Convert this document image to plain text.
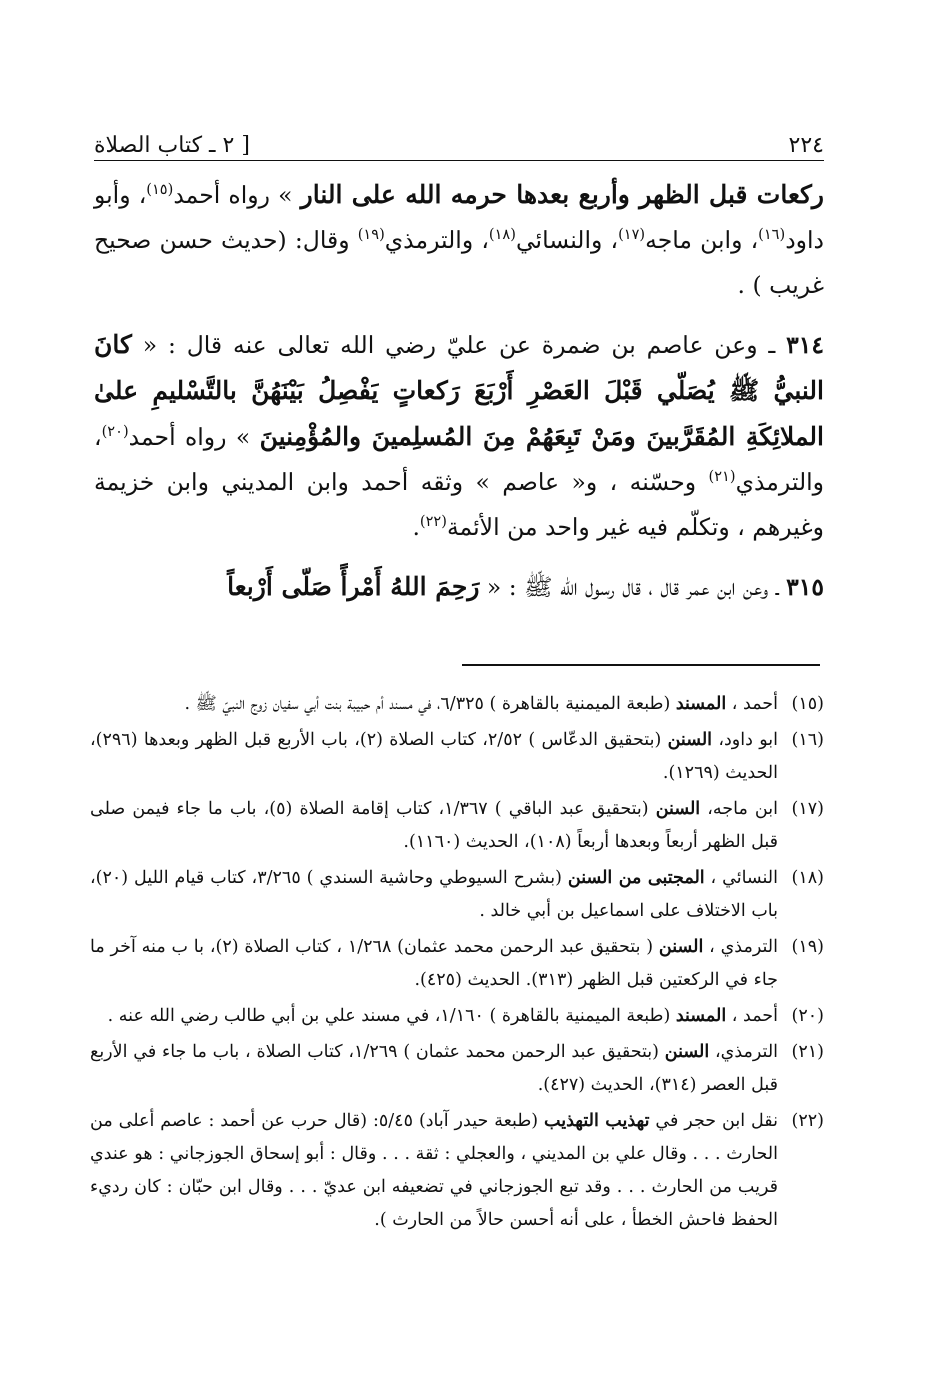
٢٢٤
[ ٢ ـ كتاب الصلاة

ركعات قبل الظهر وأربع بعدها حرمه الله على النار » رواه أحمد$^{(١٥)}$، وأبو داود$^{(١٦)}$، وابن ماجه$^{(١٧)}$، والنسائي$^{(١٨)}$، والترمذي$^{(١٩)}$ وقال: (حديث حسن صحيح غريب ) .

٣١٤ ـ وعن عاصم بن ضمرة عن عليّ رضي الله تعالى عنه قال : « كانَ النبيُّ ﷺ يُصَلّي قَبْلَ العَصْرِ أَرْبَعَ رَكعاتٍ يَفْصِلُ بَيْنَهُنَّ بالتَّسْليمِ علىٰ الملائِكَةِ المُقَرَّبينَ ومَنْ تَبِعَهُمْ مِنَ المُسلِمينَ والمُؤْمِنينَ » رواه أحمد$^{(٢٠)}$، والترمذي$^{(٢١)}$ وحسّنه ، و« عاصم » وثقه أحمد وابن المديني وابن خزيمة وغيرهم ، وتكلّم فيه غير واحد من الأئمة$^{(٢٢)}$.

٣١٥ ـ وعن ابن عمر قال ، قال رسول الله ﷺ : « رَحِمَ اللهُ أَمْرأً صَلّى أَرْبعاً

(١٥)
أحمد ، المسند (طبعة الميمنية بالقاهرة ) ٦/٣٢٥، في مسند أم حبيبة بنت أبي سفيان زوج النبيّ ﷺ .
(١٦)
ابو داود، السنن (بتحقيق الدعّاس ) ٢/٥٢، كتاب الصلاة (٢)، باب الأربع قبل الظهر وبعدها (٢٩٦)، الحديث (١٢٦٩).
(١٧)
ابن ماجه، السنن (بتحقيق عبد الباقي ) ١/٣٦٧، كتاب إقامة الصلاة (٥)، باب ما جاء فيمن صلى قبل الظهر أربعاً وبعدها أربعاً (١٠٨)، الحديث (١١٦٠).
(١٨)
النسائي ، المجتبى من السنن (بشرح السيوطي وحاشية السندي ) ٣/٢٦٥، كتاب قيام الليل (٢٠)، باب الاختلاف على اسماعيل بن أبي خالد .
(١٩)
الترمذي ، السنن ( بتحقيق عبد الرحمن محمد عثمان) ١/٢٦٨ ، كتاب الصلاة (٢)، با ب منه آخر ما جاء في الركعتين قبل الظهر (٣١٣). الحديث (٤٢٥).
(٢٠)
أحمد ، المسند (طبعة الميمنية بالقاهرة ) ١/١٦٠، في مسند علي بن أبي طالب رضي الله عنه .
(٢١)
الترمذي، السنن (بتحقيق عبد الرحمن محمد عثمان ) ١/٢٦٩، كتاب الصلاة ، باب ما جاء في الأربع قبل العصر (٣١٤)، الحديث (٤٢٧).
(٢٢)
نقل ابن حجر في تهذيب التهذيب (طبعة حيدر آباد) ٥/٤٥: (قال حرب عن أحمد : عاصم أعلى من الحارث . . . وقال علي بن المديني ، والعجلي : ثقة . . . وقال : أبو إسحاق الجوزجاني : هو عندي قريب من الحارث . . . وقد تبع الجوزجاني في تضعيفه ابن عديّ . . . وقال ابن حبّان : كان رديء الحفظ فاحش الخطأ ، على أنه أحسن حالاً من الحارث ).
